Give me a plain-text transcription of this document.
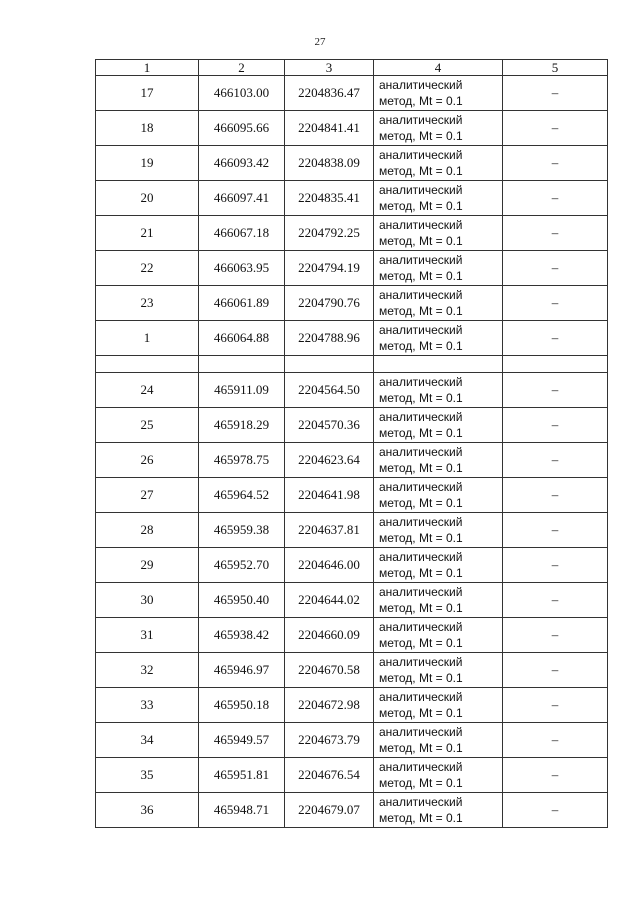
27
1	2	3	4	5
17	466103.00	2204836.47	аналитический
метод, Mt = 0.1	–
18	466095.66	2204841.41	аналитический
метод, Mt = 0.1	–
19	466093.42	2204838.09	аналитический
метод, Mt = 0.1	–
20	466097.41	2204835.41	аналитический
метод, Mt = 0.1	–
21	466067.18	2204792.25	аналитический
метод, Mt = 0.1	–
22	466063.95	2204794.19	аналитический
метод, Mt = 0.1	–
23	466061.89	2204790.76	аналитический
метод, Mt = 0.1	–
1	466064.88	2204788.96	аналитический
метод, Mt = 0.1	–

24	465911.09	2204564.50	аналитический
метод, Mt = 0.1	–
25	465918.29	2204570.36	аналитический
метод, Mt = 0.1	–
26	465978.75	2204623.64	аналитический
метод, Mt = 0.1	–
27	465964.52	2204641.98	аналитический
метод, Mt = 0.1	–
28	465959.38	2204637.81	аналитический
метод, Mt = 0.1	–
29	465952.70	2204646.00	аналитический
метод, Mt = 0.1	–
30	465950.40	2204644.02	аналитический
метод, Mt = 0.1	–
31	465938.42	2204660.09	аналитический
метод, Mt = 0.1	–
32	465946.97	2204670.58	аналитический
метод, Mt = 0.1	–
33	465950.18	2204672.98	аналитический
метод, Mt = 0.1	–
34	465949.57	2204673.79	аналитический
метод, Mt = 0.1	–
35	465951.81	2204676.54	аналитический
метод, Mt = 0.1	–
36	465948.71	2204679.07	аналитический
метод, Mt = 0.1	–
